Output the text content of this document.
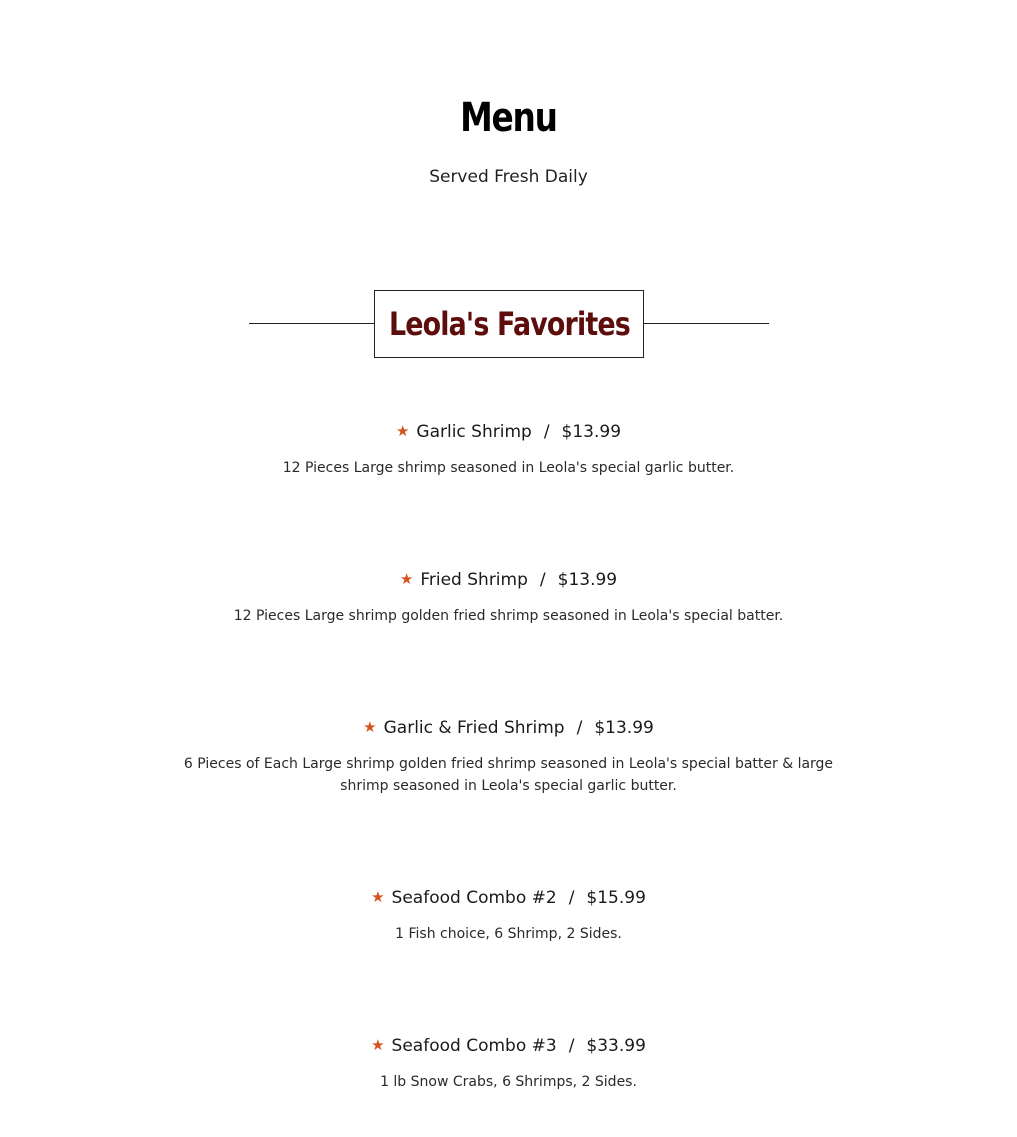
Menu
Served Fresh Daily
Leola's Favorites
★ Garlic Shrimp / $13.99
12 Pieces Large shrimp seasoned in Leola's special garlic butter.
★ Fried Shrimp / $13.99
12 Pieces Large shrimp golden fried shrimp seasoned in Leola's special batter.
★ Garlic & Fried Shrimp / $13.99
6 Pieces of Each Large shrimp golden fried shrimp seasoned in Leola's special batter & large shrimp seasoned in Leola's special garlic butter.
★ Seafood Combo #2 / $15.99
1 Fish choice, 6 Shrimp, 2 Sides.
★ Seafood Combo #3 / $33.99
1 lb Snow Crabs, 6 Shrimps, 2 Sides.
